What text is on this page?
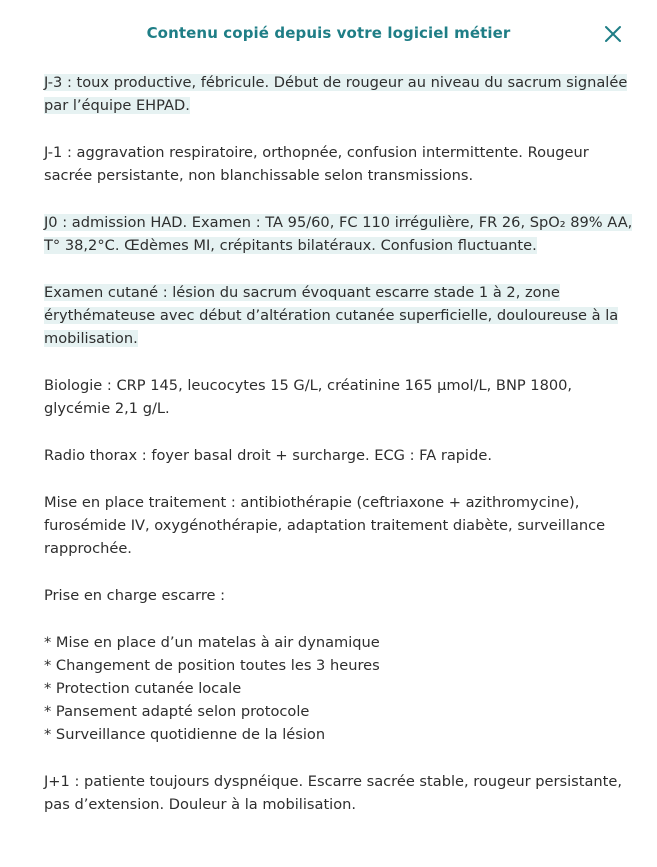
Contenu copié depuis votre logiciel métier

J-3 : toux productive, fébricule. Début de rougeur au niveau du sacrum signalée par l’équipe EHPAD.

J-1 : aggravation respiratoire, orthopnée, confusion intermittente. Rougeur sacrée persistante, non blanchissable selon transmissions.

J0 : admission HAD. Examen : TA 95/60, FC 110 irrégulière, FR 26, SpO₂ 89% AA, T° 38,2°C. Œdèmes MI, crépitants bilatéraux. Confusion fluctuante.

Examen cutané : lésion du sacrum évoquant escarre stade 1 à 2, zone érythémateuse avec début d’altération cutanée superficielle, douloureuse à la mobilisation.

Biologie : CRP 145, leucocytes 15 G/L, créatinine 165 µmol/L, BNP 1800, glycémie 2,1 g/L.

Radio thorax : foyer basal droit + surcharge. ECG : FA rapide.

Mise en place traitement : antibiothérapie (ceftriaxone + azithromycine), furosémide IV, oxygénothérapie, adaptation traitement diabète, surveillance rapprochée.

Prise en charge escarre :

* Mise en place d’un matelas à air dynamique
* Changement de position toutes les 3 heures
* Protection cutanée locale
* Pansement adapté selon protocole
* Surveillance quotidienne de la lésion

J+1 : patiente toujours dyspnéique. Escarre sacrée stable, rougeur persistante, pas d’extension. Douleur à la mobilisation.
